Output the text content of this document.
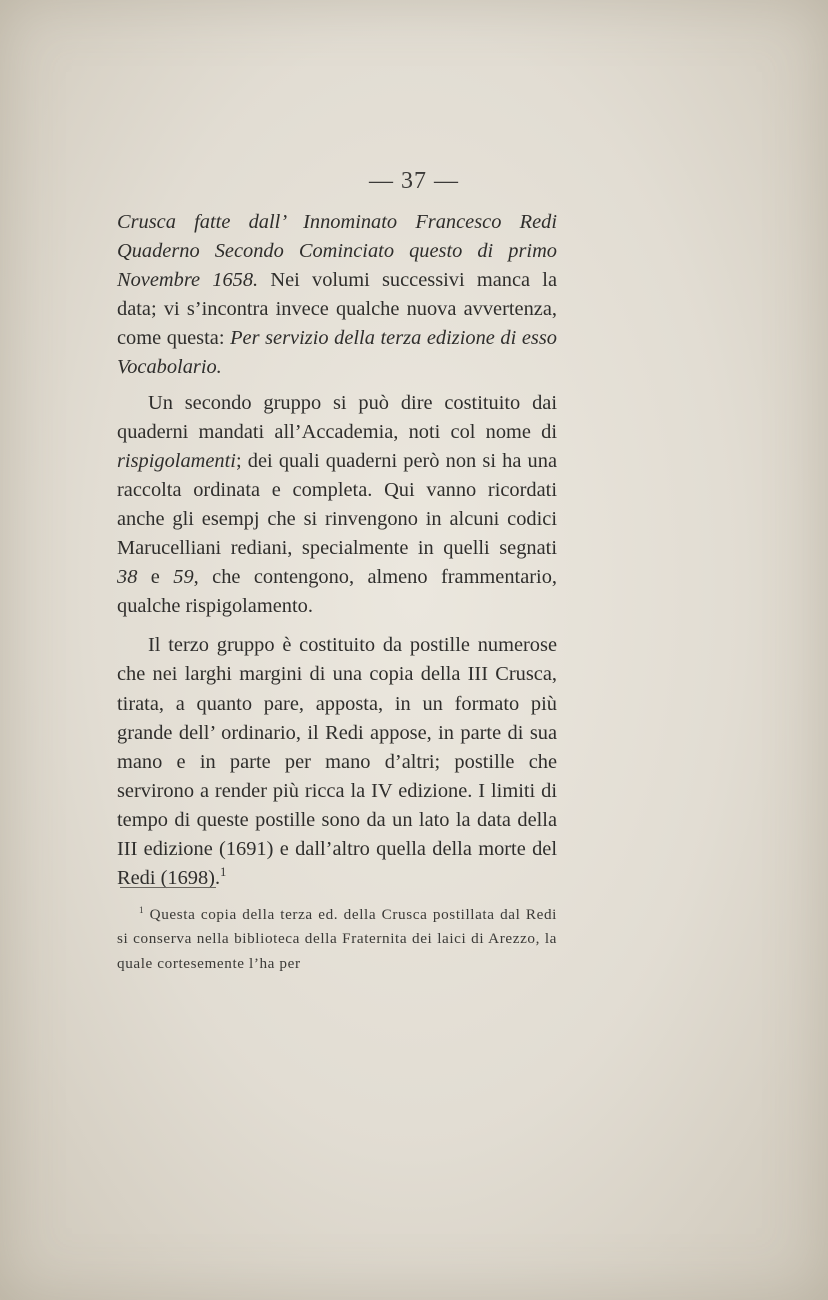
— 37 —

Crusca fatte dall’ Innominato Francesco Redi Quaderno Secondo Cominciato questo di primo Novembre 1658. Nei volumi successivi manca la data; vi s’incontra invece qualche nuova avvertenza, come questa: Per servizio della terza edizione di esso Vocabolario.

Un secondo gruppo si può dire costituito dai quaderni mandati all’Accademia, noti col nome di rispigolamenti; dei quali quaderni però non si ha una raccolta ordinata e completa. Qui vanno ricordati anche gli esempj che si rinvengono in alcuni codici Marucelliani rediani, specialmente in quelli segnati 38 e 59, che contengono, almeno frammentario, qualche rispigolamento.

Il terzo gruppo è costituito da postille numerose che nei larghi margini di una copia della III Crusca, tirata, a quanto pare, apposta, in un formato più grande dell’ ordinario, il Redi appose, in parte di sua mano e in parte per mano d’altri; postille che servirono a render più ricca la IV edizione. I limiti di tempo di queste postille sono da un lato la data della III edizione (1691) e dall’altro quella della morte del Redi (1698).$^1$

$^1$ Questa copia della terza ed. della Crusca postillata dal Redi si conserva nella biblioteca della Fraternita dei laici di Arezzo, la quale cortesemente l’ha per
